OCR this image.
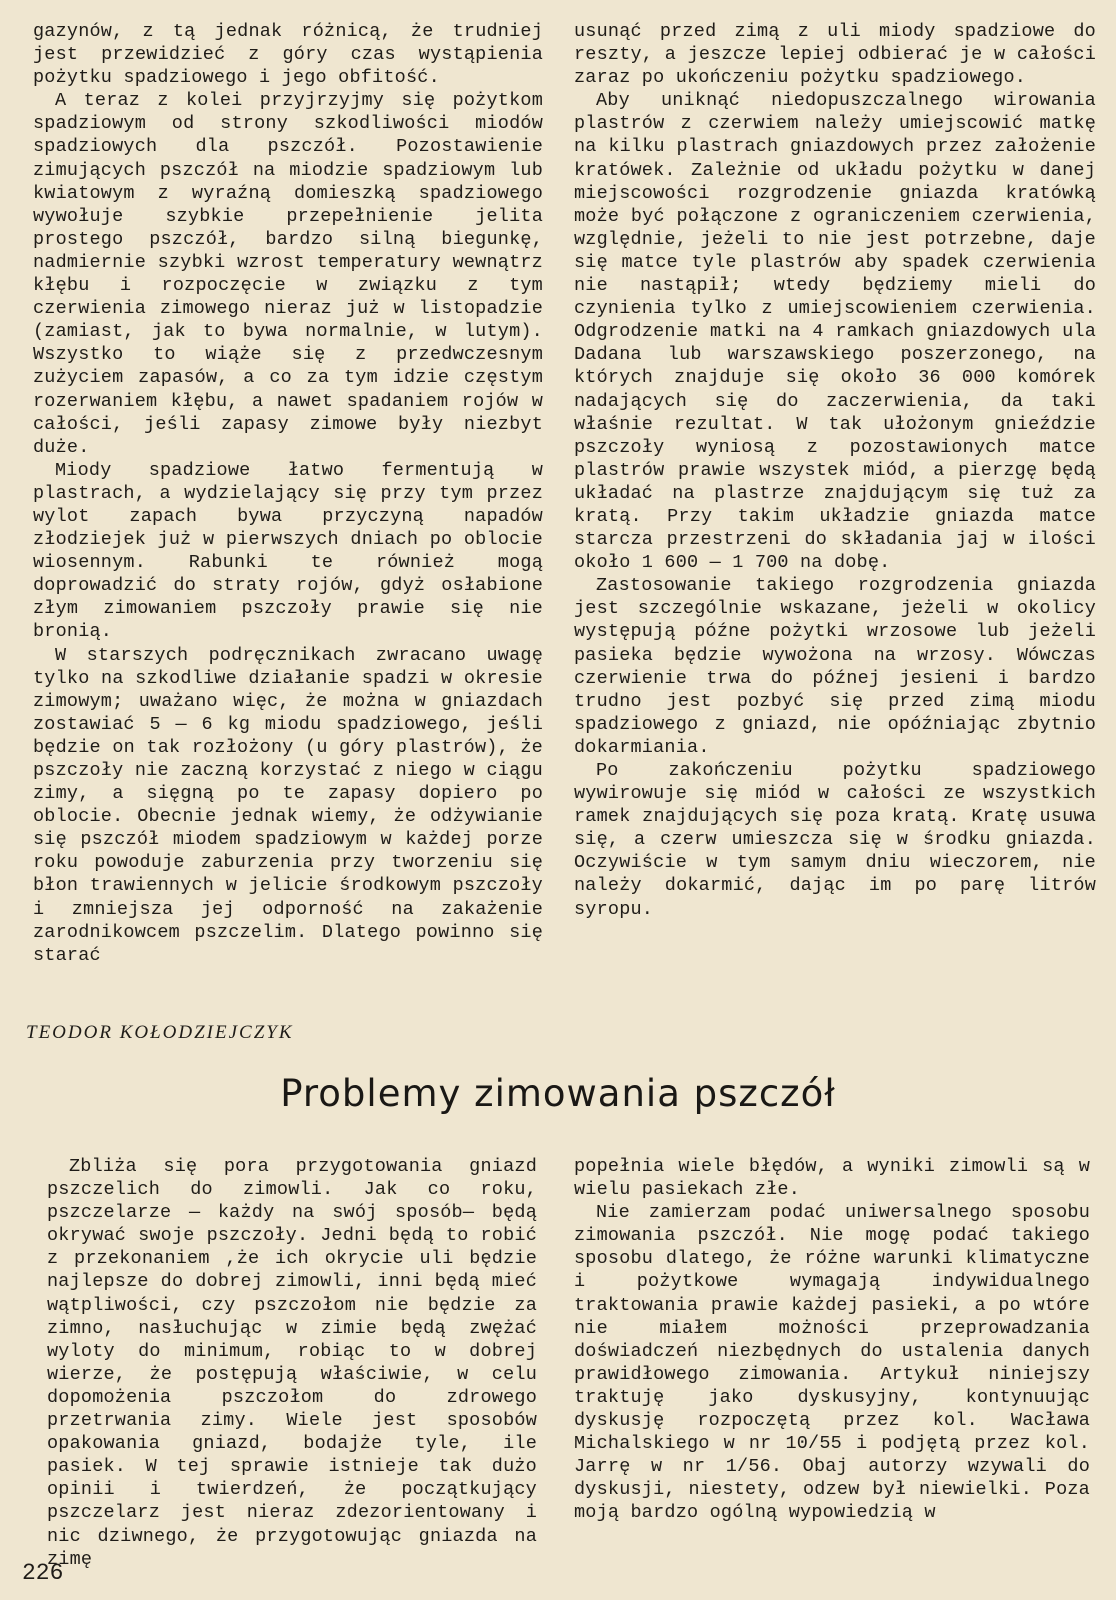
gazynów, z tą jednak różnicą, że trudniej jest przewidzieć z góry czas wystąpienia pożytku spadziowego i jego obfitość.

A teraz z kolei przyjrzyjmy się pożytkom spadziowym od strony szkodliwości miodów spadziowych dla pszczół. Pozostawienie zimujących pszczół na miodzie spadziowym lub kwiatowym z wyraźną domieszką spadziowego wywołuje szybkie przepełnienie jelita prostego pszczół, bardzo silną biegunkę, nadmiernie szybki wzrost temperatury wewnątrz kłębu i rozpoczęcie w związku z tym czerwienia zimowego nieraz już w listopadzie (zamiast, jak to bywa normalnie, w lutym). Wszystko to wiąże się z przedwczesnym zużyciem zapasów, a co za tym idzie częstym rozerwaniem kłębu, a nawet spadaniem rojów w całości, jeśli zapasy zimowe były niezbyt duże.

Miody spadziowe łatwo fermentują w plastrach, a wydzielający się przy tym przez wylot zapach bywa przyczyną napadów złodziejek już w pierwszych dniach po oblocie wiosennym. Rabunki te również mogą doprowadzić do straty rojów, gdyż osłabione złym zimowaniem pszczoły prawie się nie bronią.

W starszych podręcznikach zwracano uwagę tylko na szkodliwe działanie spadzi w okresie zimowym; uważano więc, że można w gniazdach zostawiać 5 — 6 kg miodu spadziowego, jeśli będzie on tak rozłożony (u góry plastrów), że pszczoły nie zaczną korzystać z niego w ciągu zimy, a sięgną po te zapasy dopiero po oblocie. Obecnie jednak wiemy, że odżywianie się pszczół miodem spadziowym w każdej porze roku powoduje zaburzenia przy tworzeniu się błon trawiennych w jelicie środkowym pszczoły i zmniejsza jej odporność na zakażenie zarodnikowcem pszczelim. Dlatego powinno się starać

usunąć przed zimą z uli miody spadziowe do reszty, a jeszcze lepiej odbierać je w całości zaraz po ukończeniu pożytku spadziowego.

Aby uniknąć niedopuszczalnego wirowania plastrów z czerwiem należy umiejscowić matkę na kilku plastrach gniazdowych przez założenie kratówek. Zależnie od układu pożytku w danej miejscowości rozgrodzenie gniazda kratówką może być połączone z ograniczeniem czerwienia, względnie, jeżeli to nie jest potrzebne, daje się matce tyle plastrów aby spadek czerwienia nie nastąpił; wtedy będziemy mieli do czynienia tylko z umiejscowieniem czerwienia. Odgrodzenie matki na 4 ramkach gniazdowych ula Dadana lub warszawskiego poszerzonego, na których znajduje się około 36 000 komórek nadających się do zaczerwienia, da taki właśnie rezultat. W tak ułożonym gnieździe pszczoły wyniosą z pozostawionych matce plastrów prawie wszystek miód, a pierzgę będą układać na plastrze znajdującym się tuż za kratą. Przy takim układzie gniazda matce starcza przestrzeni do składania jaj w ilości około 1 600 — 1 700 na dobę.

Zastosowanie takiego rozgrodzenia gniazda jest szczególnie wskazane, jeżeli w okolicy występują późne pożytki wrzosowe lub jeżeli pasieka będzie wywożona na wrzosy. Wówczas czerwienie trwa do późnej jesieni i bardzo trudno jest pozbyć się przed zimą miodu spadziowego z gniazd, nie opóźniając zbytnio dokarmiania.

Po zakończeniu pożytku spadziowego wywirowuje się miód w całości ze wszystkich ramek znajdujących się poza kratą. Kratę usuwa się, a czerw umieszcza się w środku gniazda. Oczywiście w tym samym dniu wieczorem, nie należy dokarmić, dając im po parę litrów syropu.

TEODOR KOŁODZIEJCZYK
Problemy zimowania pszczół

Zbliża się pora przygotowania gniazd pszczelich do zimowli. Jak co roku, pszczelarze — każdy na swój sposób— będą okrywać swoje pszczoły. Jedni będą to robić z przekonaniem ,że ich okrycie uli będzie najlepsze do dobrej zimowli, inni będą mieć wątpliwości, czy pszczołom nie będzie za zimno, nasłuchując w zimie będą zwężać wyloty do minimum, robiąc to w dobrej wierze, że postępują właściwie, w celu dopomożenia pszczołom do zdrowego przetrwania zimy. Wiele jest sposobów opakowania gniazd, bodajże tyle, ile pasiek. W tej sprawie istnieje tak dużo opinii i twierdzeń, że początkujący pszczelarz jest nieraz zdezorientowany i nic dziwnego, że przygotowując gniazda na zimę

popełnia wiele błędów, a wyniki zimowli są w wielu pasiekach złe.

Nie zamierzam podać uniwersalnego sposobu zimowania pszczół. Nie mogę podać takiego sposobu dlatego, że różne warunki klimatyczne i pożytkowe wymagają indywidualnego traktowania prawie każdej pasieki, a po wtóre nie miałem możności przeprowadzania doświadczeń niezbędnych do ustalenia danych prawidłowego zimowania. Artykuł niniejszy traktuję jako dyskusyjny, kontynuując dyskusję rozpoczętą przez kol. Wacława Michalskiego w nr 10/55 i podjętą przez kol. Jarrę w nr 1/56. Obaj autorzy wzywali do dyskusji, niestety, odzew był niewielki. Poza moją bardzo ogólną wypowiedzią w

226
